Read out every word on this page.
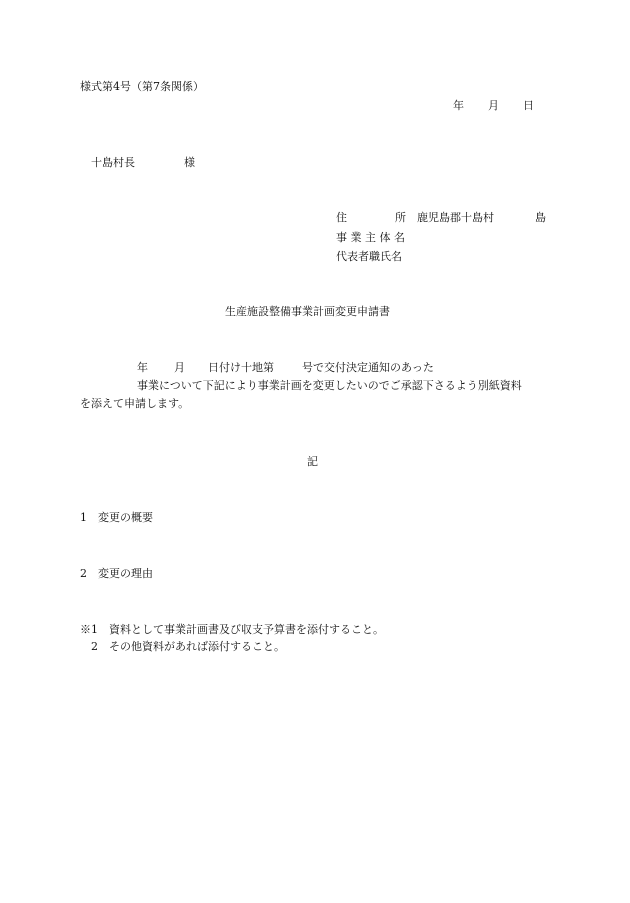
様式第4号（第7条関係）
年 月 日
十島村長	様
住	所 鹿児島郡十島村	島
事 業 主 体 名
代表者職氏名
生産施設整備事業計画変更申請書
年 月 日付け十地第	号で交付決定通知のあった
事業について下記により事業計画を変更したいのでご承認下さるよう別紙資料
を添えて申請します。
記
1　変更の概要
2　変更の理由
※1　資料として事業計画書及び収支予算書を添付すること。
　2　その他資料があれば添付すること。
